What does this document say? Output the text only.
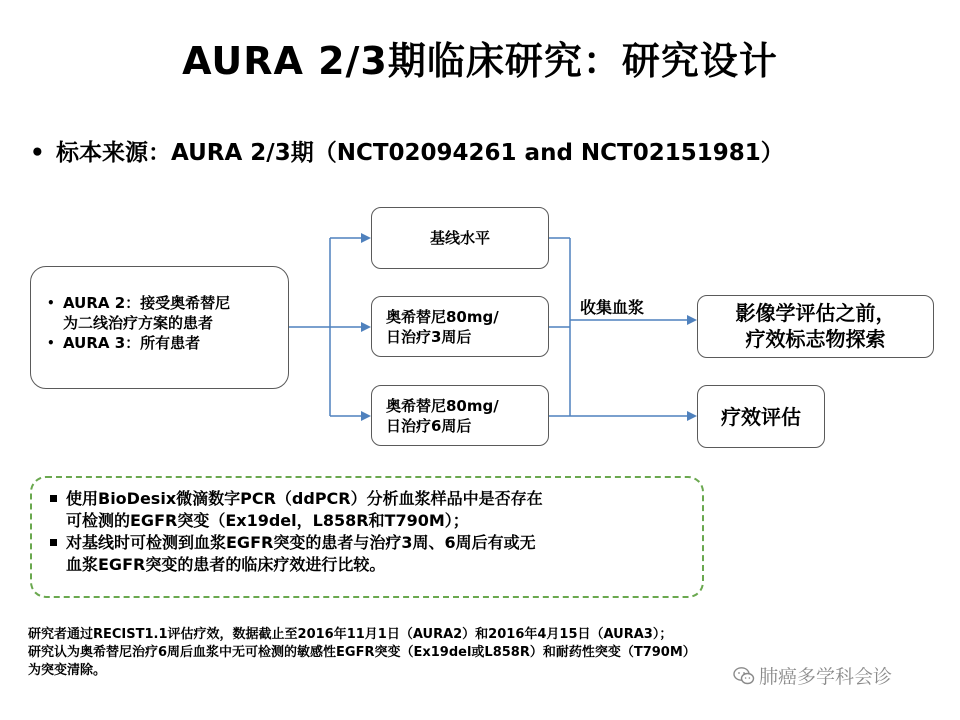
AURA 2/3期临床研究：研究设计
• 标本来源：AURA 2/3期（NCT02094261 and NCT02151981）
• AURA 2：接受奥希替尼
为二线治疗方案的患者
• AURA 3：所有患者
基线水平
奥希替尼80mg/
日治疗3周后
奥希替尼80mg/
日治疗6周后
收集血浆	影像学评估之前，
疗效标志物探索
疗效评估
使用BioDesix微滴数字PCR（ddPCR）分析血浆样品中是否存在
可检测的EGFR突变（Ex19del，L858R和T790M）；
对基线时可检测到血浆EGFR突变的患者与治疗3周、6周后有或无
血浆EGFR突变的患者的临床疗效进行比较。
研究者通过RECIST1.1评估疗效，数据截止至2016年11月1日（AURA2）和2016年4月15日（AURA3）；
研究认为奥希替尼治疗6周后血浆中无可检测的敏感性EGFR突变（Ex19del或L858R）和耐药性突变（T790M）
为突变清除。	肺癌多学科会诊
